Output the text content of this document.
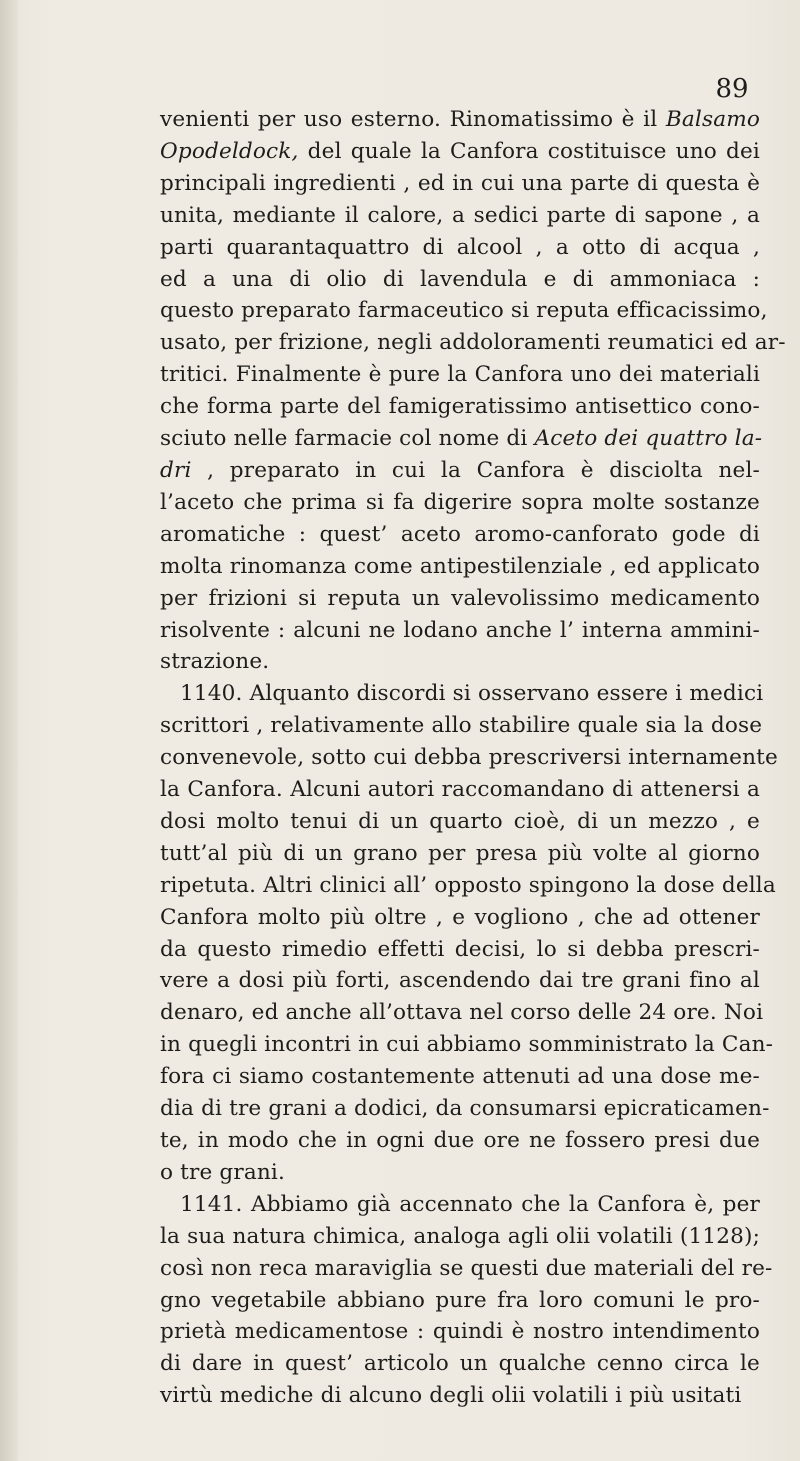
89
venienti per uso esterno. Rinomatissimo è il Balsamo
Opodeldock, del quale la Canfora costituisce uno dei
principali ingredienti , ed in cui una parte di questa è
unita, mediante il calore, a sedici parte di sapone , a
parti quarantaquattro di alcool , a otto di acqua ,
ed a una di olio di lavendula e di ammoniaca :
questo preparato farmaceutico si reputa efficacissimo,
usato, per frizione, negli addoloramenti reumatici ed ar-
tritici. Finalmente è pure la Canfora uno dei materiali
che forma parte del famigeratissimo antisettico cono-
sciuto nelle farmacie col nome di Aceto dei quattro la-
dri , preparato in cui la Canfora è disciolta nel-
l’aceto che prima si fa digerire sopra molte sostanze
aromatiche : quest’ aceto aromo-canforato gode di
molta rinomanza come antipestilenziale , ed applicato
per frizioni si reputa un valevolissimo medicamento
risolvente : alcuni ne lodano anche l’ interna ammini-
strazione.
1140. Alquanto discordi si osservano essere i medici
scrittori , relativamente allo stabilire quale sia la dose
convenevole, sotto cui debba prescriversi internamente
la Canfora. Alcuni autori raccomandano di attenersi a
dosi molto tenui di un quarto cioè, di un mezzo , e
tutt’al più di un grano per presa più volte al giorno
ripetuta. Altri clinici all’ opposto spingono la dose della
Canfora molto più oltre , e vogliono , che ad ottener
da questo rimedio effetti decisi, lo si debba prescri-
vere a dosi più forti, ascendendo dai tre grani fino al
denaro, ed anche all’ottava nel corso delle 24 ore. Noi
in quegli incontri in cui abbiamo somministrato la Can-
fora ci siamo costantemente attenuti ad una dose me-
dia di tre grani a dodici, da consumarsi epicraticamen-
te, in modo che in ogni due ore ne fossero presi due
o tre grani.
1141. Abbiamo già accennato che la Canfora è, per
la sua natura chimica, analoga agli olii volatili (1128);
così non reca maraviglia se questi due materiali del re-
gno vegetabile abbiano pure fra loro comuni le pro-
prietà medicamentose : quindi è nostro intendimento
di dare in quest’ articolo un qualche cenno circa le
virtù mediche di alcuno degli olii volatili i più usitati
